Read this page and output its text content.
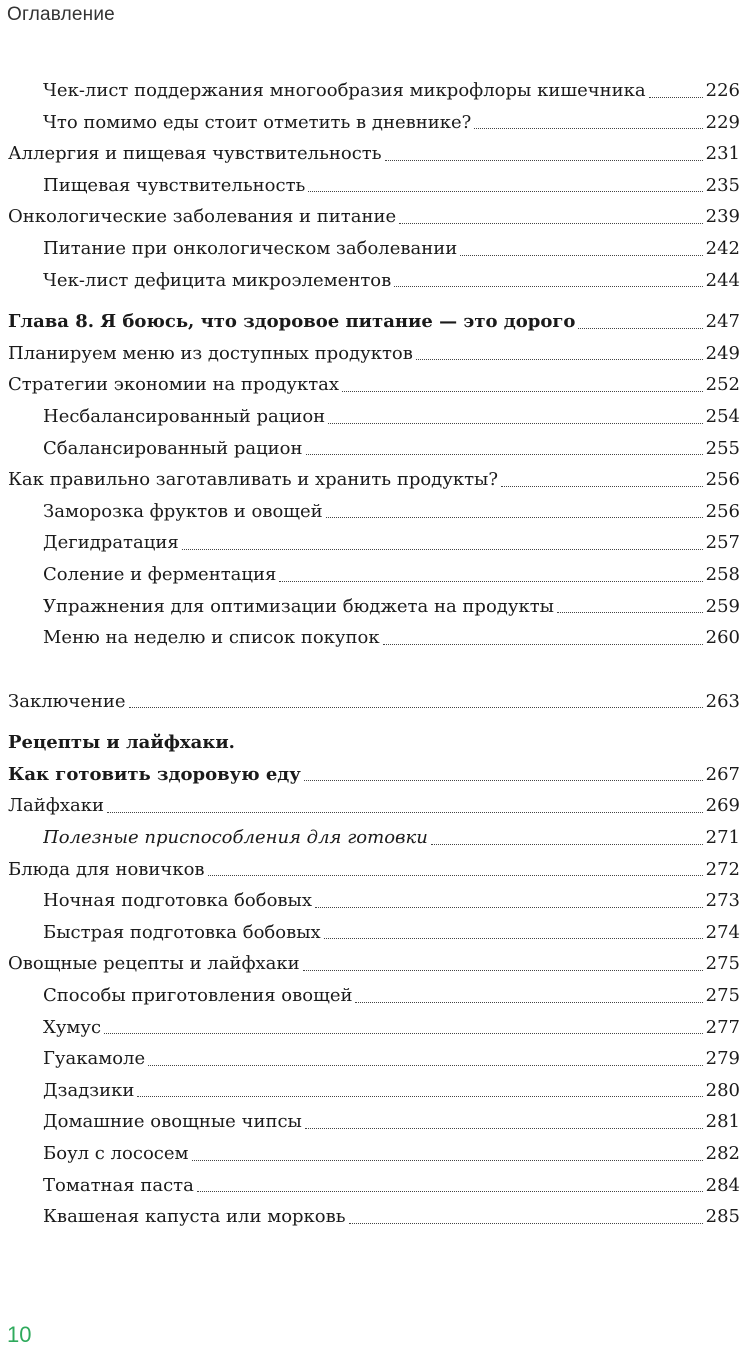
Оглавление
Чек-лист поддержания многообразия микрофлоры кишечника	226
Что помимо еды стоит отметить в дневнике?	229
Аллергия и пищевая чувствительность	231
Пищевая чувствительность	235
Онкологические заболевания и питание	239
Питание при онкологическом заболевании	242
Чек-лист дефицита микроэлементов	244
Глава 8. Я боюсь, что здоровое питание — это дорого	247
Планируем меню из доступных продуктов	249
Стратегии экономии на продуктах	252
Несбалансированный рацион	254
Сбалансированный рацион	255
Как правильно заготавливать и хранить продукты?	256
Заморозка фруктов и овощей	256
Дегидратация	257
Соление и ферментация	258
Упражнения для оптимизации бюджета на продукты	259
Меню на неделю и список покупок	260
Заключение	263
Рецепты и лайфхаки.
Как готовить здоровую еду	267
Лайфхаки	269
Полезные приспособления для готовки	271
Блюда для новичков	272
Ночная подготовка бобовых	273
Быстрая подготовка бобовых	274
Овощные рецепты и лайфхаки	275
Способы приготовления овощей	275
Хумус	277
Гуакамоле	279
Дзадзики	280
Домашние овощные чипсы	281
Боул с лососем	282
Томатная паста	284
Квашеная капуста или морковь	285
10
